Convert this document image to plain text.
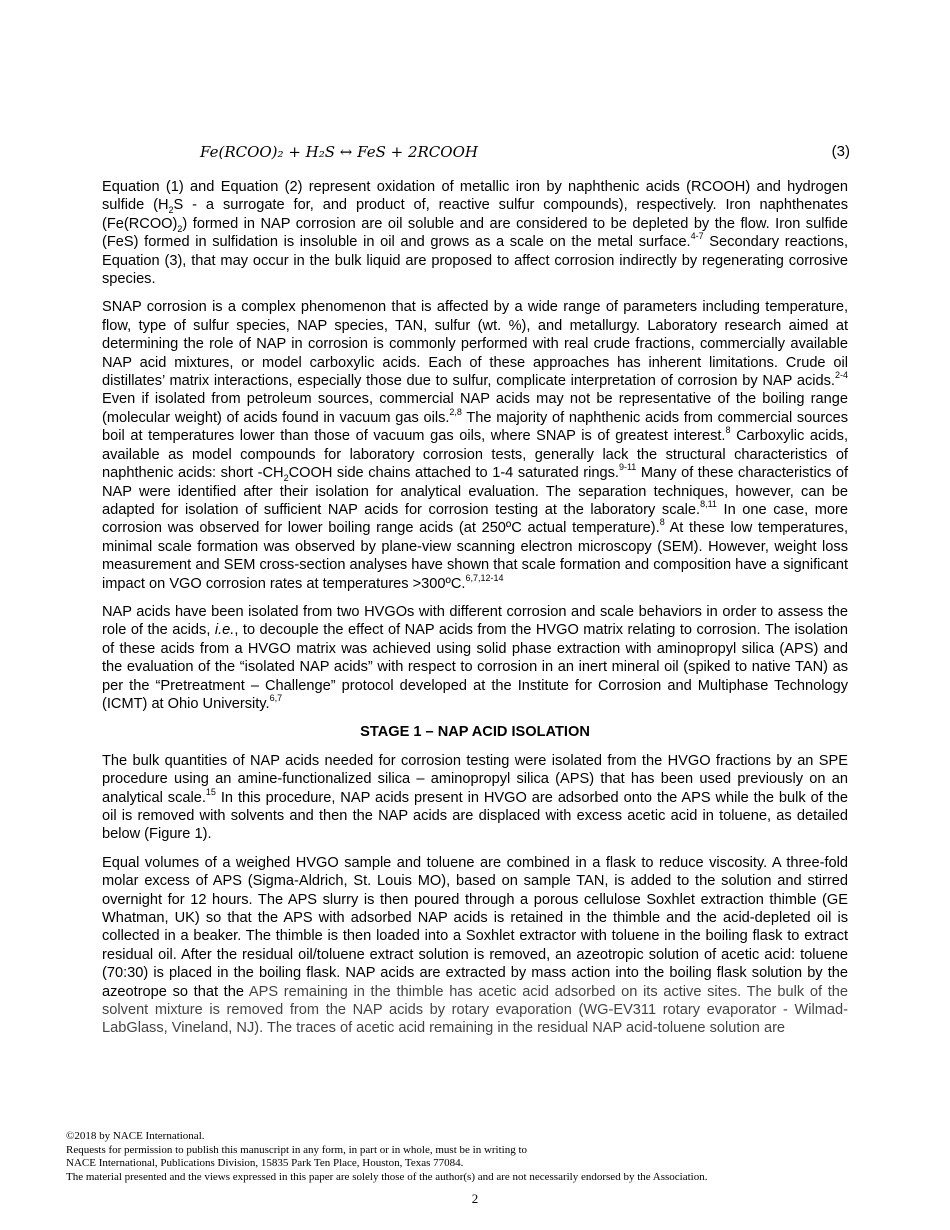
Fe(RCOO)₂ + H₂S ↔ FeS + 2RCOOH	(3)

Equation (1) and Equation (2) represent oxidation of metallic iron by naphthenic acids (RCOOH) and hydrogen sulfide ($H_2S$ - a surrogate for, and product of, reactive sulfur compounds), respectively. Iron naphthenates $(Fe(RCOO)_2)$ formed in NAP corrosion are oil soluble and are considered to be depleted by the flow. Iron sulfide (FeS) formed in sulfidation is insoluble in oil and grows as a scale on the metal surface.$^{4-7}$ Secondary reactions, Equation (3), that may occur in the bulk liquid are proposed to affect corrosion indirectly by regenerating corrosive species.

SNAP corrosion is a complex phenomenon that is affected by a wide range of parameters including temperature, flow, type of sulfur species, NAP species, TAN, sulfur (wt. %), and metallurgy. Laboratory research aimed at determining the role of NAP in corrosion is commonly performed with real crude fractions, commercially available NAP acid mixtures, or model carboxylic acids. Each of these approaches has inherent limitations. Crude oil distillates’ matrix interactions, especially those due to sulfur, complicate interpretation of corrosion by NAP acids.$^{2-4}$ Even if isolated from petroleum sources, commercial NAP acids may not be representative of the boiling range (molecular weight) of acids found in vacuum gas oils.$^{2,8}$ The majority of naphthenic acids from commercial sources boil at temperatures lower than those of vacuum gas oils, where SNAP is of greatest interest.$^8$ Carboxylic acids, available as model compounds for laboratory corrosion tests, generally lack the structural characteristics of naphthenic acids: short $-CH_2COOH$ side chains attached to 1-4 saturated rings.$^{9-11}$ Many of these characteristics of NAP were identified after their isolation for analytical evaluation. The separation techniques, however, can be adapted for isolation of sufficient NAP acids for corrosion testing at the laboratory scale.$^{8,11}$ In one case, more corrosion was observed for lower boiling range acids (at 250ºC actual temperature).$^8$ At these low temperatures, minimal scale formation was observed by plane-view scanning electron microscopy (SEM). However, weight loss measurement and SEM cross-section analyses have shown that scale formation and composition have a significant impact on VGO corrosion rates at temperatures >300ºC.$^{6,7,12-14}$

NAP acids have been isolated from two HVGOs with different corrosion and scale behaviors in order to assess the role of the acids, i.e., to decouple the effect of NAP acids from the HVGO matrix relating to corrosion. The isolation of these acids from a HVGO matrix was achieved using solid phase extraction with aminopropyl silica (APS) and the evaluation of the “isolated NAP acids” with respect to corrosion in an inert mineral oil (spiked to native TAN) as per the “Pretreatment – Challenge” protocol developed at the Institute for Corrosion and Multiphase Technology (ICMT) at Ohio University.$^{6,7}$

STAGE 1 – NAP ACID ISOLATION

The bulk quantities of NAP acids needed for corrosion testing were isolated from the HVGO fractions by an SPE procedure using an amine-functionalized silica – aminopropyl silica (APS) that has been used previously on an analytical scale.$^{15}$ In this procedure, NAP acids present in HVGO are adsorbed onto the APS while the bulk of the oil is removed with solvents and then the NAP acids are displaced with excess acetic acid in toluene, as detailed below (Figure 1).

Equal volumes of a weighed HVGO sample and toluene are combined in a flask to reduce viscosity. A three-fold molar excess of APS (Sigma-Aldrich, St. Louis MO), based on sample TAN, is added to the solution and stirred overnight for 12 hours. The APS slurry is then poured through a porous cellulose Soxhlet extraction thimble (GE Whatman, UK) so that the APS with adsorbed NAP acids is retained in the thimble and the acid-depleted oil is collected in a beaker. The thimble is then loaded into a Soxhlet extractor with toluene in the boiling flask to extract residual oil. After the residual oil/toluene extract solution is removed, an azeotropic solution of acetic acid: toluene (70:30) is placed in the boiling flask. NAP acids are extracted by mass action into the boiling flask solution by the azeotrope so that the APS remaining in the thimble has acetic acid adsorbed on its active sites. The bulk of the solvent mixture is removed from the NAP acids by rotary evaporation (WG-EV311 rotary evaporator - Wilmad-LabGlass, Vineland, NJ). The traces of acetic acid remaining in the residual NAP acid-toluene solution are

©2018 by NACE International.
Requests for permission to publish this manuscript in any form, in part or in whole, must be in writing to
NACE International, Publications Division, 15835 Park Ten Place, Houston, Texas 77084.
The material presented and the views expressed in this paper are solely those of the author(s) and are not necessarily endorsed by the Association.
2
